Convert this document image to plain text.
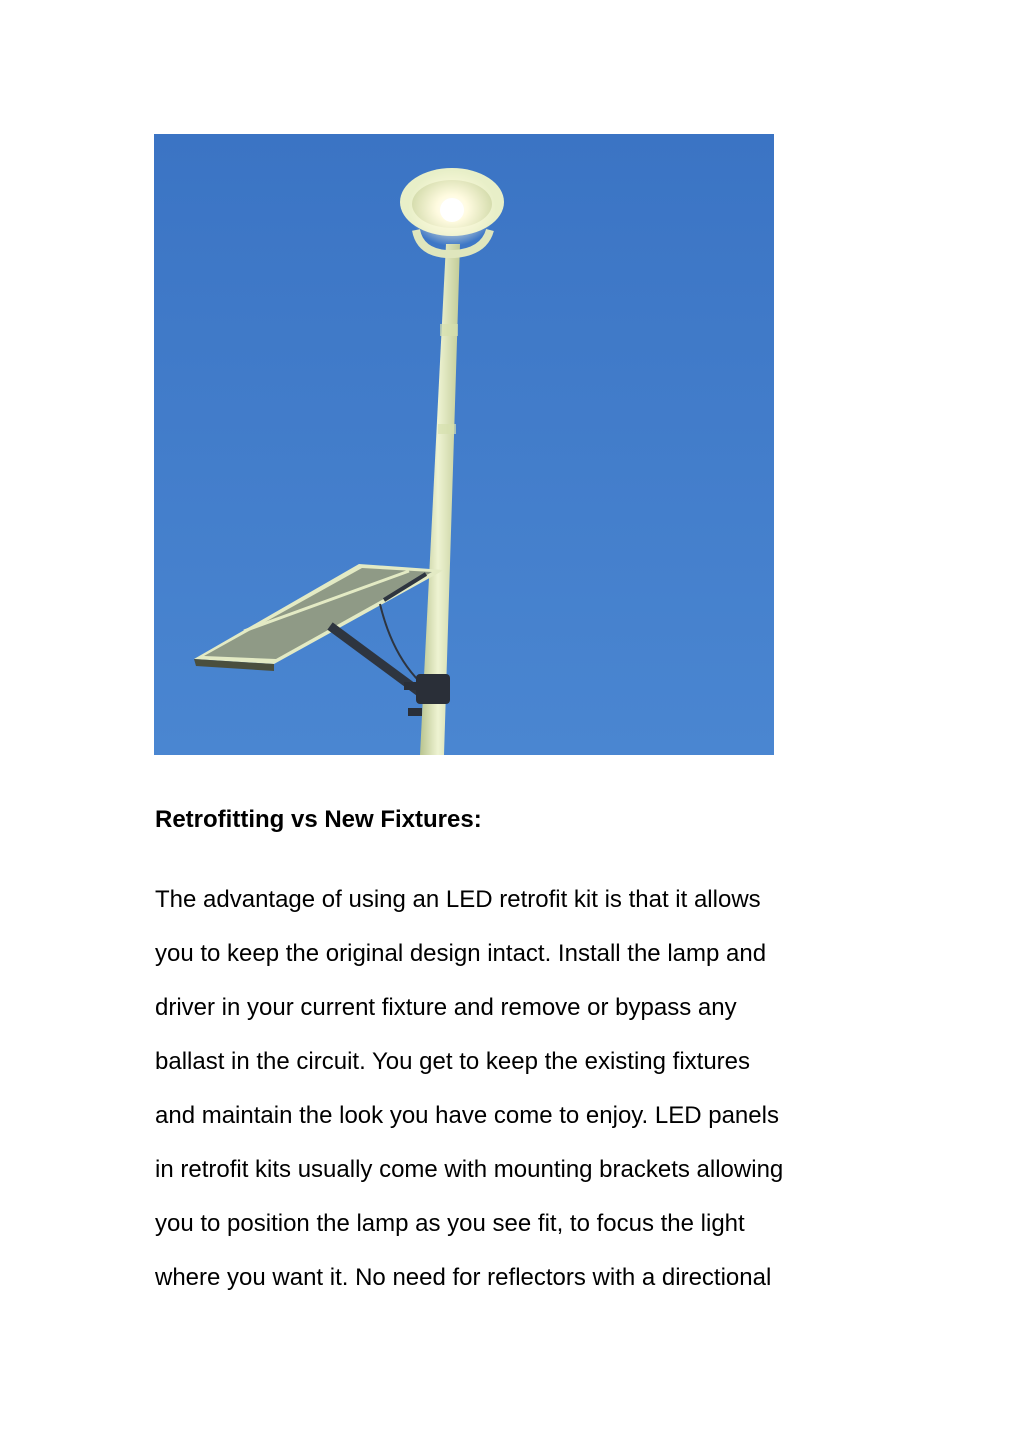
Retrofitting vs New Fixtures:
The advantage of using an LED retrofit kit is that it allows
you to keep the original design intact. Install the lamp and
driver in your current fixture and remove or bypass any
ballast in the circuit. You get to keep the existing fixtures
and maintain the look you have come to enjoy. LED panels
in retrofit kits usually come with mounting brackets allowing
you to position the lamp as you see fit, to focus the light
where you want it. No need for reflectors with a directional
